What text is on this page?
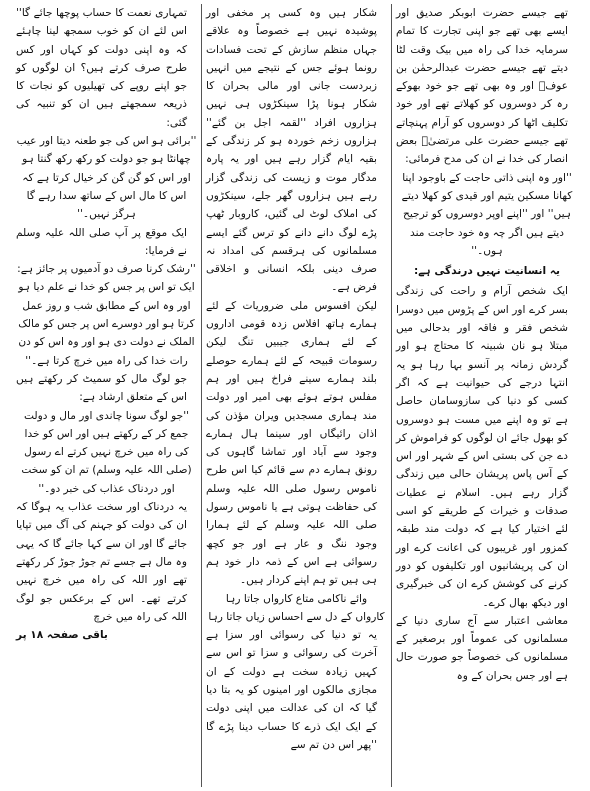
تھے جیسے حضرت ابوبکر صدیق اور ایسے بھی تھے جو اپنی تجارت کا تمام سرمایہ خدا کی راہ میں بیک وقت لٹا دیتے تھے جیسے حضرت عبدالرحمٰن بن عوفؓ اور وہ بھی تھے جو خود بھوکے رہ کر دوسروں کو کھلاتے تھے اور خود تکلیف اٹھا کر دوسروں کو آرام پہنچاتے تھے جیسے حضرت علی مرتضیٰؓ بعض انصار کی خدا نے ان کی مدح فرمائی:
''اور وہ اپنی ذاتی حاجت کے باوجود اپنا کھانا مسکین یتیم اور قیدی کو کھلا دیتے ہیں'' اور ''اپنے اوپر دوسروں کو ترجیح دیتے ہیں اگر چہ وہ خود حاجت مند ہوں۔''
یہ انسانیت نہیں درندگی ہے:
ایک شخص آرام و راحت کی زندگی بسر کرے اور اس کے پڑوس میں دوسرا شخص فقر و فاقہ اور بدحالی میں مبتلا ہو نان شبینہ کا محتاج ہو اور گردش زمانہ پر آنسو بہا رہا ہو یہ انتہا درجے کی حیوانیت ہے کہ اگر کسی کو دنیا کی سازوسامان حاصل ہے تو وہ اپنے میں مست ہو دوسروں کو بھول جائے ان لوگوں کو فراموش کر دے جن کی بستی اس کے شہر اور اس کے آس پاس پریشان حالی میں زندگی گزار رہے ہیں۔ اسلام نے عطیات صدقات و خیرات کے طریقے کو اسی لئے اختیار کیا ہے کہ دولت مند طبقہ کمزور اور غریبوں کی اعانت کرے اور ان کی پریشانیوں اور تکلیفوں کو دور کرنے کی کوشش کرے ان کی خبرگیری اور دیکھ بھال کرے۔
معاشی اعتبار سے آج ساری دنیا کے مسلمانوں کی عموماً اور برصغیر کے مسلمانوں کی خصوصاً جو صورت حال ہے اور جس بحران کے وہ
شکار ہیں وہ کسی پر مخفی اور پوشیدہ نہیں ہے خصوصاً وہ علاقے جہاں منظم سازش کے تحت فسادات رونما ہوئے جس کے نتیجے میں انہیں زبردست جانی اور مالی بحران کا شکار ہونا پڑا سینکڑوں ہی نہیں ہزاروں افراد ''لقمہ اجل بن گئے'' ہزاروں زخم خوردہ ہو کر زندگی کے بقیہ ایام گزار رہے ہیں اور یہ پارہ مدگار موت و زیست کی زندگی گزار رہے ہیں ہزاروں گھر جلے، سینکڑوں کی املاک لوٹ لی گئیں، کاروبار ٹھپ پڑے لوگ دانے دانے کو ترس گئے ایسے مسلمانوں کی ہرقسم کی امداد نہ صرف دینی بلکہ انسانی و اخلاقی فرض ہے۔
لیکن افسوس ملی ضروریات کے لئے ہمارے ہاتھ افلاس زدہ قومی اداروں کے لئے ہماری جیبیں تنگ لیکن رسومات قبیحہ کے لئے ہمارے حوصلے بلند ہمارے سینے فراخ ہیں اور ہم مفلس ہوتے ہوئے بھی امیر اور دولت مند ہماری مسجدیں ویران مؤذن کی اذان رائیگاں اور سینما ہال ہمارے وجود سے آباد اور تماشا گاہوں کی رونق ہمارے دم سے قائم کیا اس طرح ناموس رسول صلی اللہ علیہ وسلم کی حفاظت ہوتی ہے یا ناموس رسول صلی اللہ علیہ وسلم کے لئے ہمارا وجود ننگ و عار ہے اور جو کچھ رسوائی ہے اس کے ذمہ دار خود ہم ہی ہیں تو ہم اپنے کردار ہیں۔
وائے ناکامی متاع کارواں جاتا رہا
کارواں کے دل سے احساس زیاں جاتا رہا
یہ تو دنیا کی رسوائی اور سزا ہے آخرت کی رسوائی و سزا تو اس سے کہیں زیادہ سخت ہے دولت کے ان مجازی مالکوں اور امینوں کو یہ بتا دیا گیا کہ ان کی عدالت میں اپنی دولت کے ایک ایک ذرے کا حساب دینا پڑے گا ''پھر اس دن تم سے
تمہاری نعمت کا حساب پوچھا جائے گا'' اس لئے ان کو خوب سمجھ لینا چاہئے کہ وہ اپنی دولت کو کہاں اور کس طرح صرف کرتے ہیں؟ ان لوگوں کو جو اپنے روپے کی تھیلیوں کو نجات کا ذریعہ سمجھتے ہیں ان کو تنبیہ کی گئی:
''برائی ہو اس کی جو طعنہ دیتا اور عیب چھانٹا ہو جو دولت کو رکھ رکھ گنتا ہو اور اس کو گن گن کر خیال کرتا ہے کہ اس کا مال اس کے ساتھ سدا رہے گا ہرگز نہیں۔''
ایک موقع پر آپ صلی اللہ علیہ وسلم نے فرمایا:
''رشک کرنا صرف دو آدمیوں پر جائز ہے: ایک تو اس پر جس کو خدا نے علم دیا ہو اور وہ اس کے مطابق شب و روز عمل کرتا ہو اور دوسرے اس پر جس کو مالک الملک نے دولت دی ہو اور وہ اس کو دن رات خدا کی راہ میں خرچ کرتا ہے۔''
جو لوگ مال کو سمیٹ کر رکھتے ہیں اس کے متعلق ارشاد ہے:
''جو لوگ سونا چاندی اور مال و دولت جمع کر کے رکھتے ہیں اور اس کو خدا کی راہ میں خرچ نہیں کرتے اے رسول (صلی اللہ علیہ وسلم) تم ان کو سخت اور دردناک عذاب کی خبر دو۔''
یہ دردناک اور سخت عذاب یہ ہوگا کہ ان کی دولت کو جہنم کی آگ میں تپایا جائے گا اور ان سے کہا جائے گا کہ یہی وہ مال ہے جسے تم جوڑ جوڑ کر رکھتے تھے اور اللہ کی راہ میں خرچ نہیں کرتے تھے۔ اس کے برعکس جو لوگ اللہ کی راہ میں خرچ
باقی صفحہ ۱۸ پر
